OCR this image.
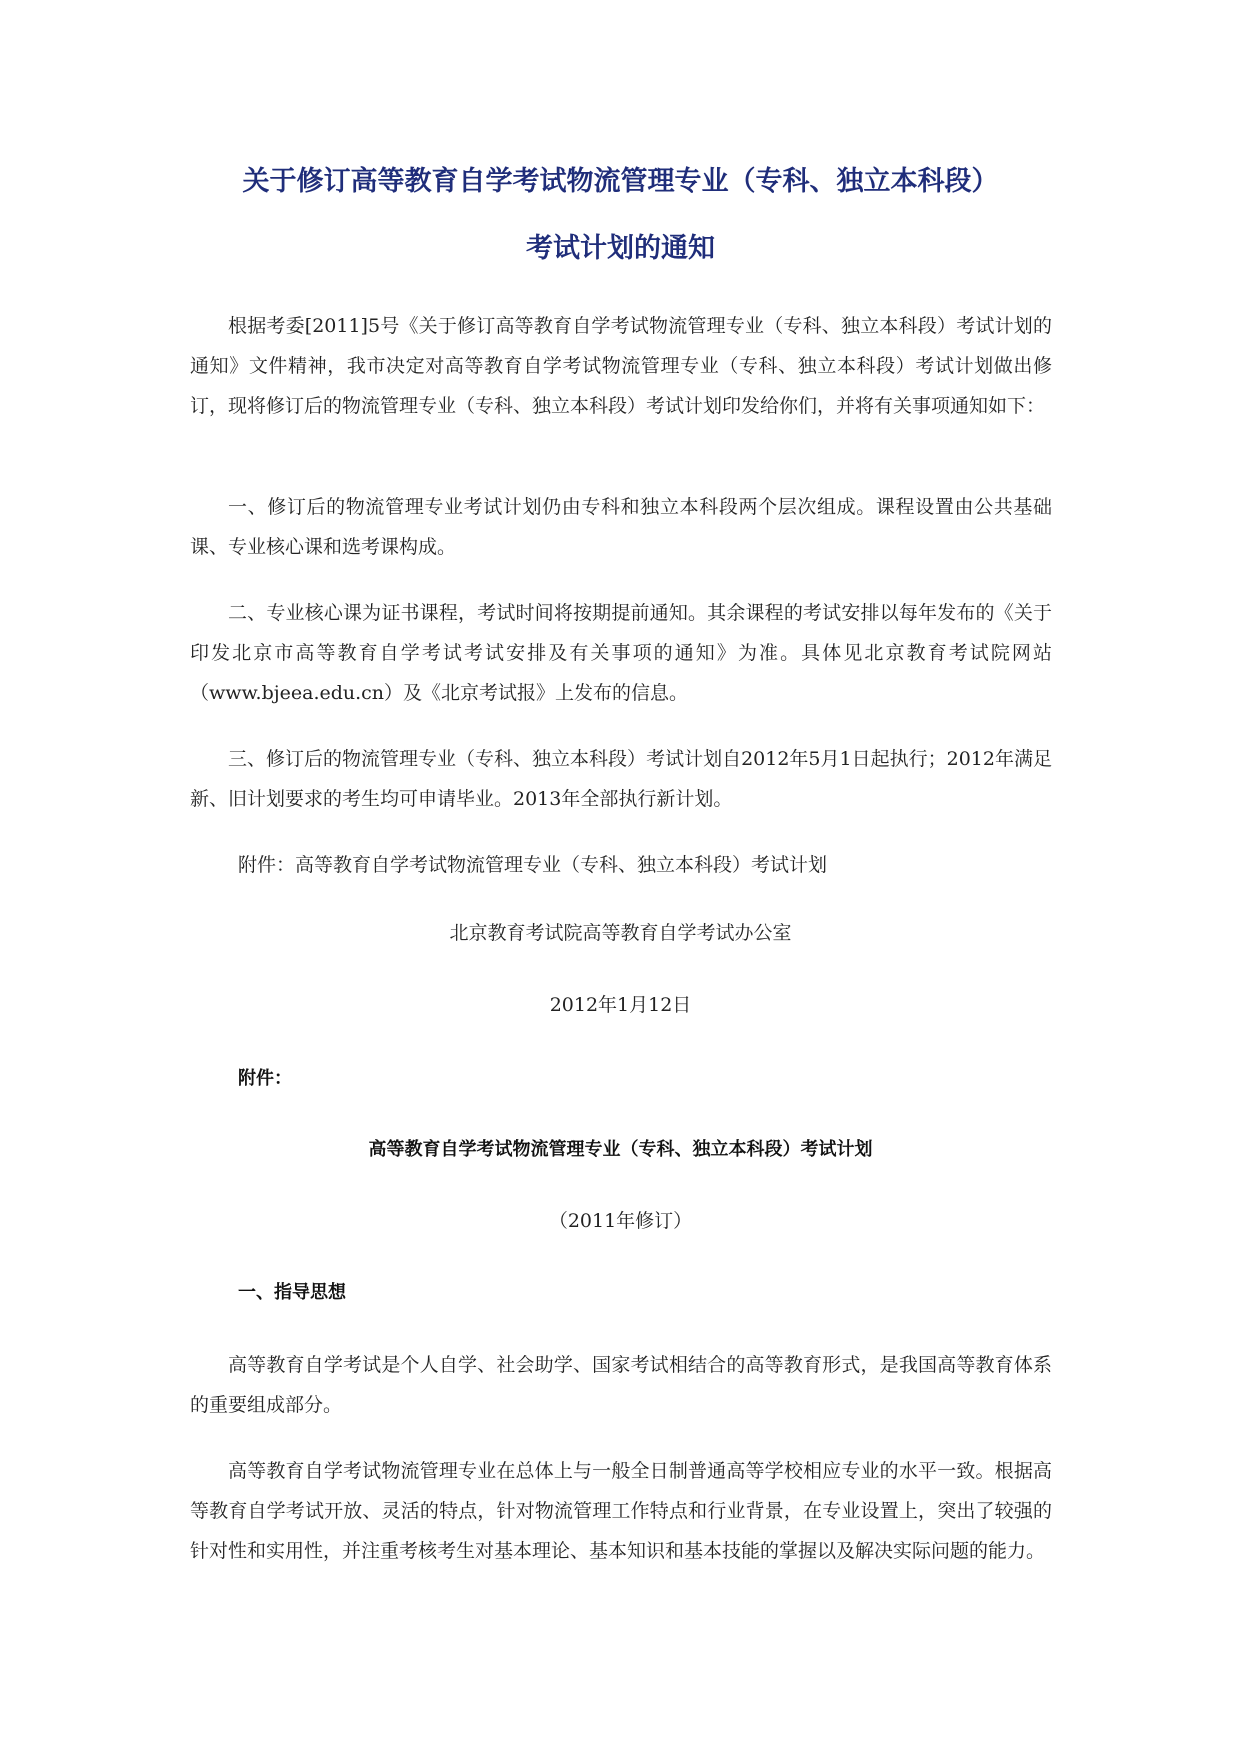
关于修订高等教育自学考试物流管理专业（专科、独立本科段）
考试计划的通知

根据考委[2011]5号《关于修订高等教育自学考试物流管理专业（专科、独立本科段）考试计划的通知》文件精神，我市决定对高等教育自学考试物流管理专业（专科、独立本科段）考试计划做出修订，现将修订后的物流管理专业（专科、独立本科段）考试计划印发给你们，并将有关事项通知如下：

一、修订后的物流管理专业考试计划仍由专科和独立本科段两个层次组成。课程设置由公共基础课、专业核心课和选考课构成。

二、专业核心课为证书课程，考试时间将按期提前通知。其余课程的考试安排以每年发布的《关于印发北京市高等教育自学考试考试安排及有关事项的通知》为准。具体见北京教育考试院网站（www.bjeea.edu.cn）及《北京考试报》上发布的信息。

三、修订后的物流管理专业（专科、独立本科段）考试计划自2012年5月1日起执行；2012年满足新、旧计划要求的考生均可申请毕业。2013年全部执行新计划。

附件：高等教育自学考试物流管理专业（专科、独立本科段）考试计划
北京教育考试院高等教育自学考试办公室
2012年1月12日
附件：
高等教育自学考试物流管理专业（专科、独立本科段）考试计划
（2011年修订）
一、指导思想

高等教育自学考试是个人自学、社会助学、国家考试相结合的高等教育形式，是我国高等教育体系的重要组成部分。

高等教育自学考试物流管理专业在总体上与一般全日制普通高等学校相应专业的水平一致。根据高等教育自学考试开放、灵活的特点，针对物流管理工作特点和行业背景，在专业设置上，突出了较强的针对性和实用性，并注重考核考生对基本理论、基本知识和基本技能的掌握以及解决实际问题的能力。
